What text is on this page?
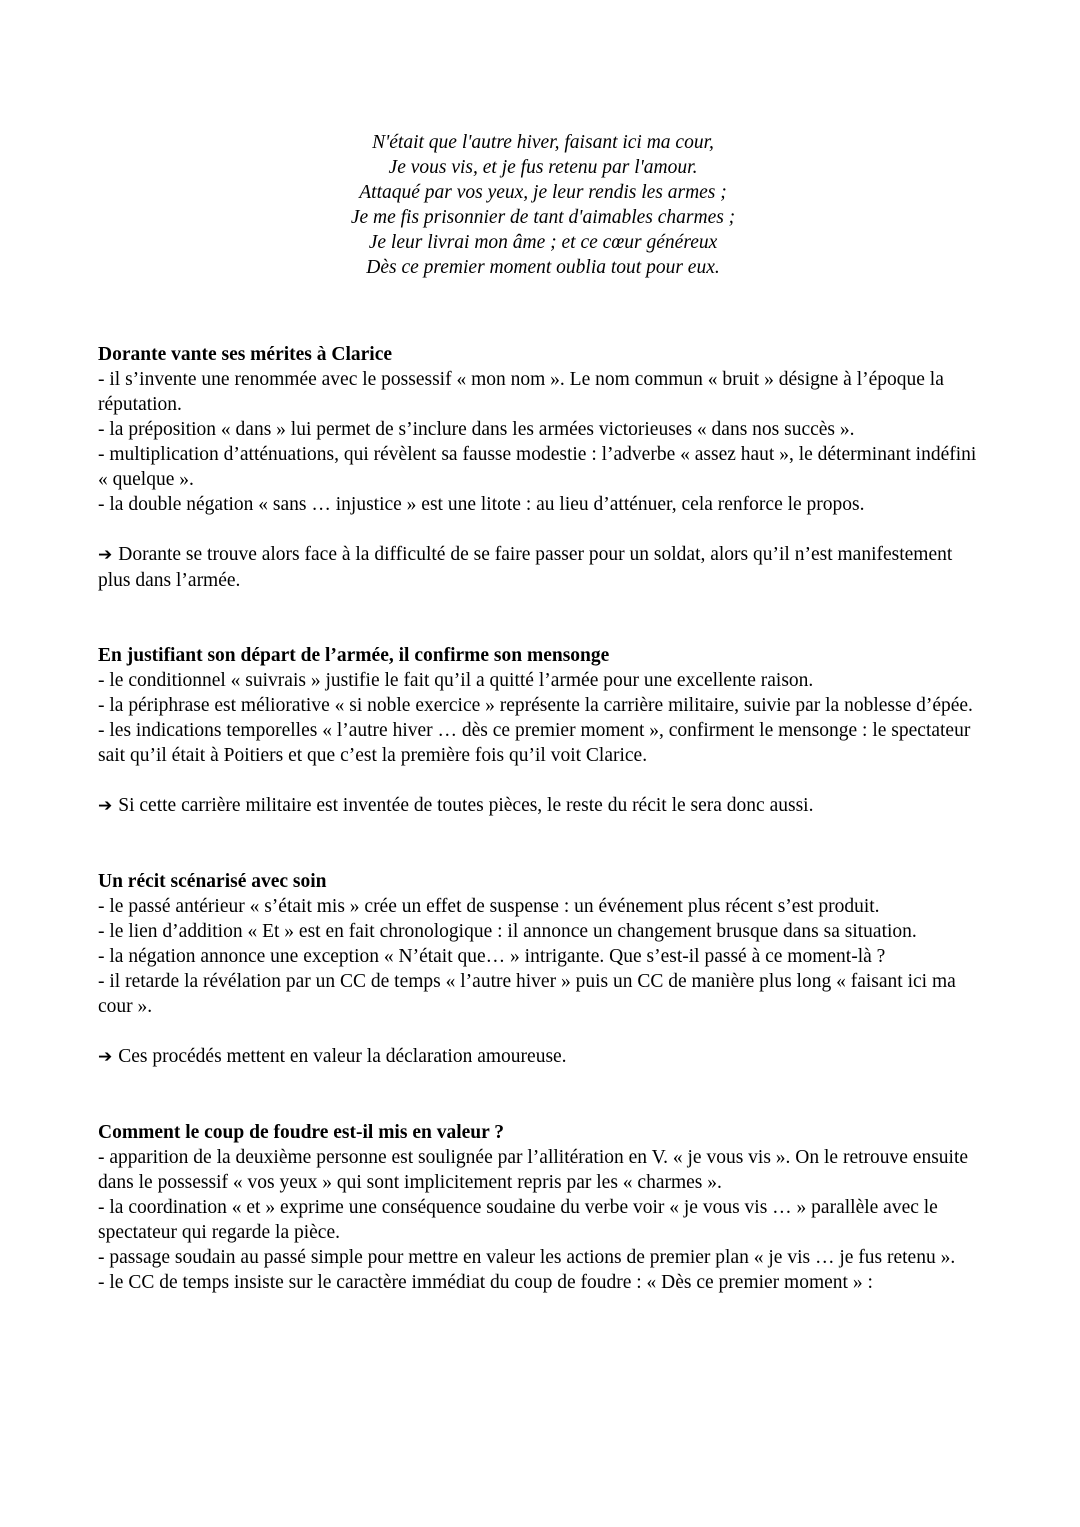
N'était que l'autre hiver, faisant ici ma cour,
Je vous vis, et je fus retenu par l'amour.
Attaqué par vos yeux, je leur rendis les armes ;
Je me fis prisonnier de tant d'aimables charmes ;
Je leur livrai mon âme ; et ce cœur généreux
Dès ce premier moment oublia tout pour eux.
Dorante vante ses mérites à Clarice
- il s’invente une renommée avec le possessif « mon nom ». Le nom commun « bruit » désigne à l’époque la réputation.
- la préposition « dans » lui permet de s’inclure dans les armées victorieuses « dans nos succès ».
- multiplication d’atténuations, qui révèlent sa fausse modestie : l’adverbe « assez haut », le déterminant indéfini « quelque ».
- la double négation « sans … injustice » est une litote : au lieu d’atténuer, cela renforce le propos.
➔ Dorante se trouve alors face à la difficulté de se faire passer pour un soldat, alors qu’il n’est manifestement plus dans l’armée.
En justifiant son départ de l’armée, il confirme son mensonge
- le conditionnel « suivrais » justifie le fait qu’il a quitté l’armée pour une excellente raison.
- la périphrase est méliorative « si noble exercice » représente la carrière militaire, suivie par la noblesse d’épée.
- les indications temporelles « l’autre hiver … dès ce premier moment », confirment le mensonge : le spectateur sait qu’il était à Poitiers et que c’est la première fois qu’il voit Clarice.
➔ Si cette carrière militaire est inventée de toutes pièces, le reste du récit le sera donc aussi.
Un récit scénarisé avec soin
- le passé antérieur « s’était mis » crée un effet de suspense : un événement plus récent s’est produit.
- le lien d’addition « Et » est en fait chronologique : il annonce un changement brusque dans sa situation.
- la négation annonce une exception « N’était que… » intrigante. Que s’est-il passé à ce moment-là ?
- il retarde la révélation par un CC de temps « l’autre hiver » puis un CC de manière plus long « faisant ici ma cour ».
➔ Ces procédés mettent en valeur la déclaration amoureuse.
Comment le coup de foudre est-il mis en valeur ?
- apparition de la deuxième personne est soulignée par l’allitération en V. « je vous vis ». On le retrouve ensuite dans le possessif « vos yeux » qui sont implicitement repris par les « charmes ».
- la coordination « et » exprime une conséquence soudaine du verbe voir « je vous vis … » parallèle avec le spectateur qui regarde la pièce.
- passage soudain au passé simple pour mettre en valeur les actions de premier plan « je vis … je fus retenu ».
- le CC de temps insiste sur le caractère immédiat du coup de foudre : « Dès ce premier moment » :
